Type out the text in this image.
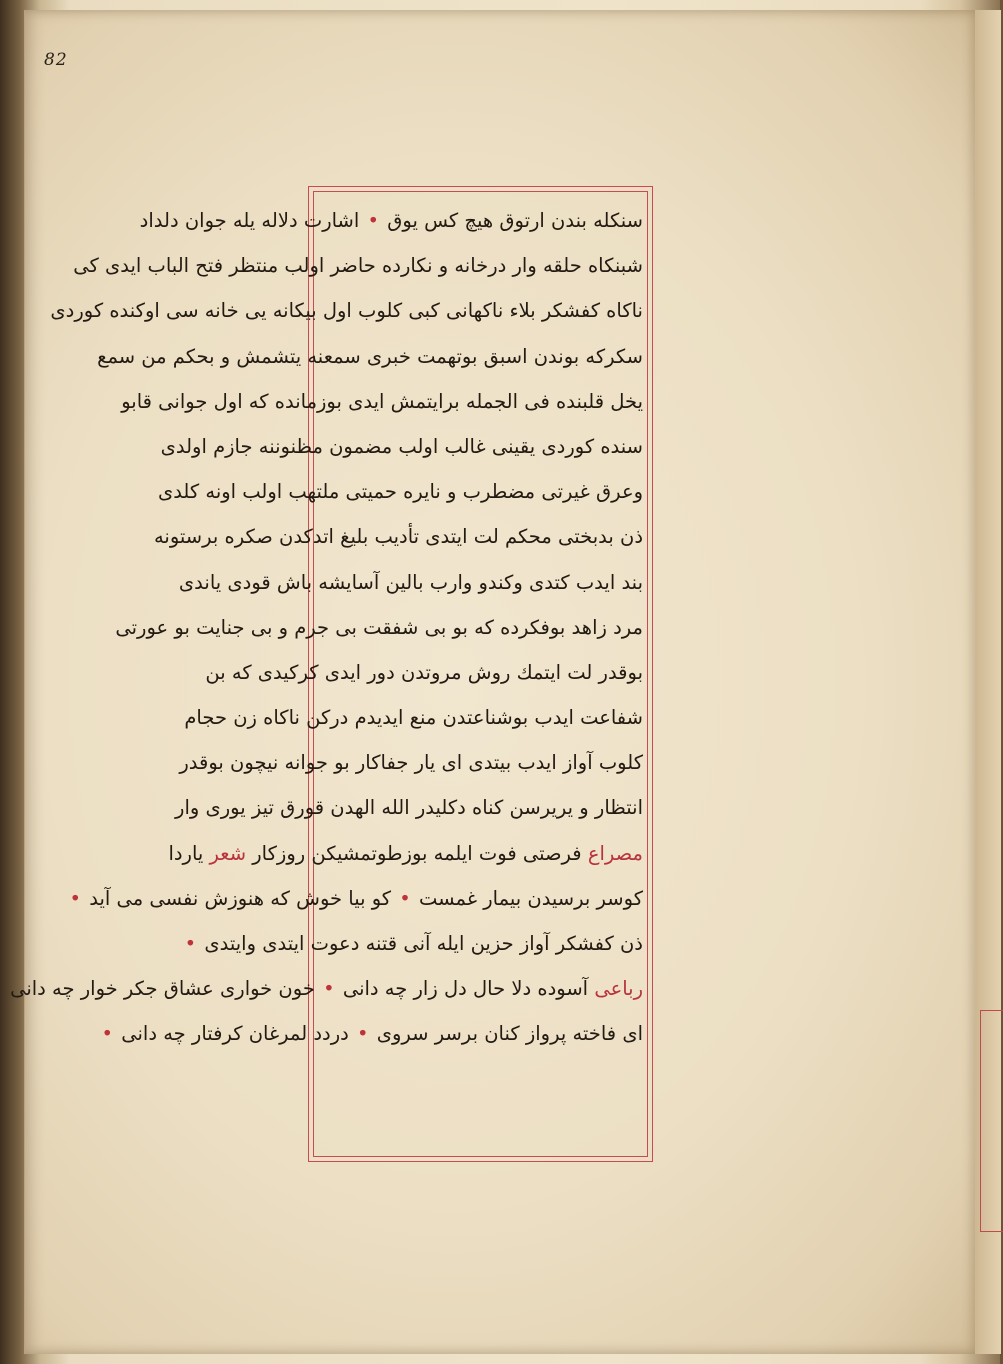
82
سنكله بندن ارتوق هیچ کس یوق • اشارت دلاله یله جوان دلداد
شبنكاه حلقه وار درخانه و نكارده حاضر اولب منتظر فتح الباب ایدی كی
ناكاه كفشكر بلاء ناكهانی کبی کلوب اول بیكانه یی خانه سی اوکنده کوردی
سكركه بوندن اسبق بوتهمت خبری سمعنه یتشمش و بحكم من سمع
يخل قلبنده فی الجمله برایتمش ایدی بوزمانده كه اول جوانی قابو
سنده كوردی یقینی غالب اولب مضمون مظنوننه جازم اولدی
وعرق غیرتی مضطرب و نایره حمیتی ملتهب اولب اونه کلدی
ذن بدبختی محكم لت ایتدی تأدیب بلیغ اتدكدن صكره برستونه
بند ایدب کتدی وکندو وارب بالین آسایشه باش قودی یاندی
مرد زاهد بوفكرده كه بو بی شفقت بی جرم و بی جنایت بو عورتی
بوقدر لت ایتمك روش مروتدن دور ایدی كركیدی كه بن
شفاعت ایدب بوشناعتدن منع ایدیدم دركن ناكاه زن حجام
كلوب آواز ایدب بیتدی ای یار جفاكار بو جوانه نیچون بوقدر
انتظار و یریرسن كناه دكلیدر الله الهدن قورق تیز یوری وار
مصراع فرصتی فوت ایلمه بوزطوتمشیكن روزكار شعر یاردا
کوسر برسیدن بیمار غمست • کو بیا خوش که هنوزش نفسی می آید •
ذن كفشكر آواز حزین ایله آنی قتنه دعوت ایتدی وایتدی •
رباعی آسوده دلا حال دل زار چه دانی • خون خواری عشاق جكر خوار چه دانی
ای فاخته پرواز كنان برسر سروی • دردد لمرغان كرفتار چه دانی •
